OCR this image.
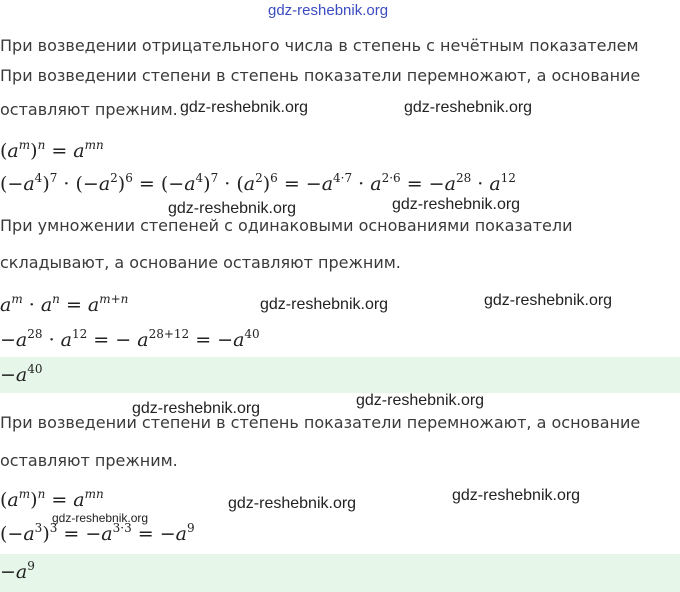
gdz-reshebnik.org
При возведении отрицательного числа в степень с нечётным показателем
При возведении степени в степень показатели перемножают, а основание
оставляют прежним. gdz-reshebnik.org	gdz-reshebnik.org
$(a^m)^n = a^{mn}$
$(-a^4)^7 \cdot (-a^2)^6 = (-a^4)^7 \cdot (a^2)^6 = -a^{4\cdot 7} \cdot a^{2\cdot 6} = -a^{28} \cdot a^{12}$
gdz-reshebnik.org	gdz-reshebnik.org
При умножении степеней с одинаковыми основаниями показатели
складывают, а основание оставляют прежним.
$a^m \cdot a^n = a^{m+n}$	gdz-reshebnik.org	gdz-reshebnik.org
$-a^{28} \cdot a^{12}$ = − $a^{28+12} = -a^{40}$
$-a^{40}$
gdz-reshebnik.org	gdz-reshebnik.org
При возведении степени в степень показатели перемножают, а основание
оставляют прежним.
$(a^m)^n = a^{mn}$
gdz-reshebnik.org	gdz-reshebnik.org
gdz-reshebnik.org
$(-a^3)^3 = -a^{3\cdot 3} = -a^9$
$-a^9$
